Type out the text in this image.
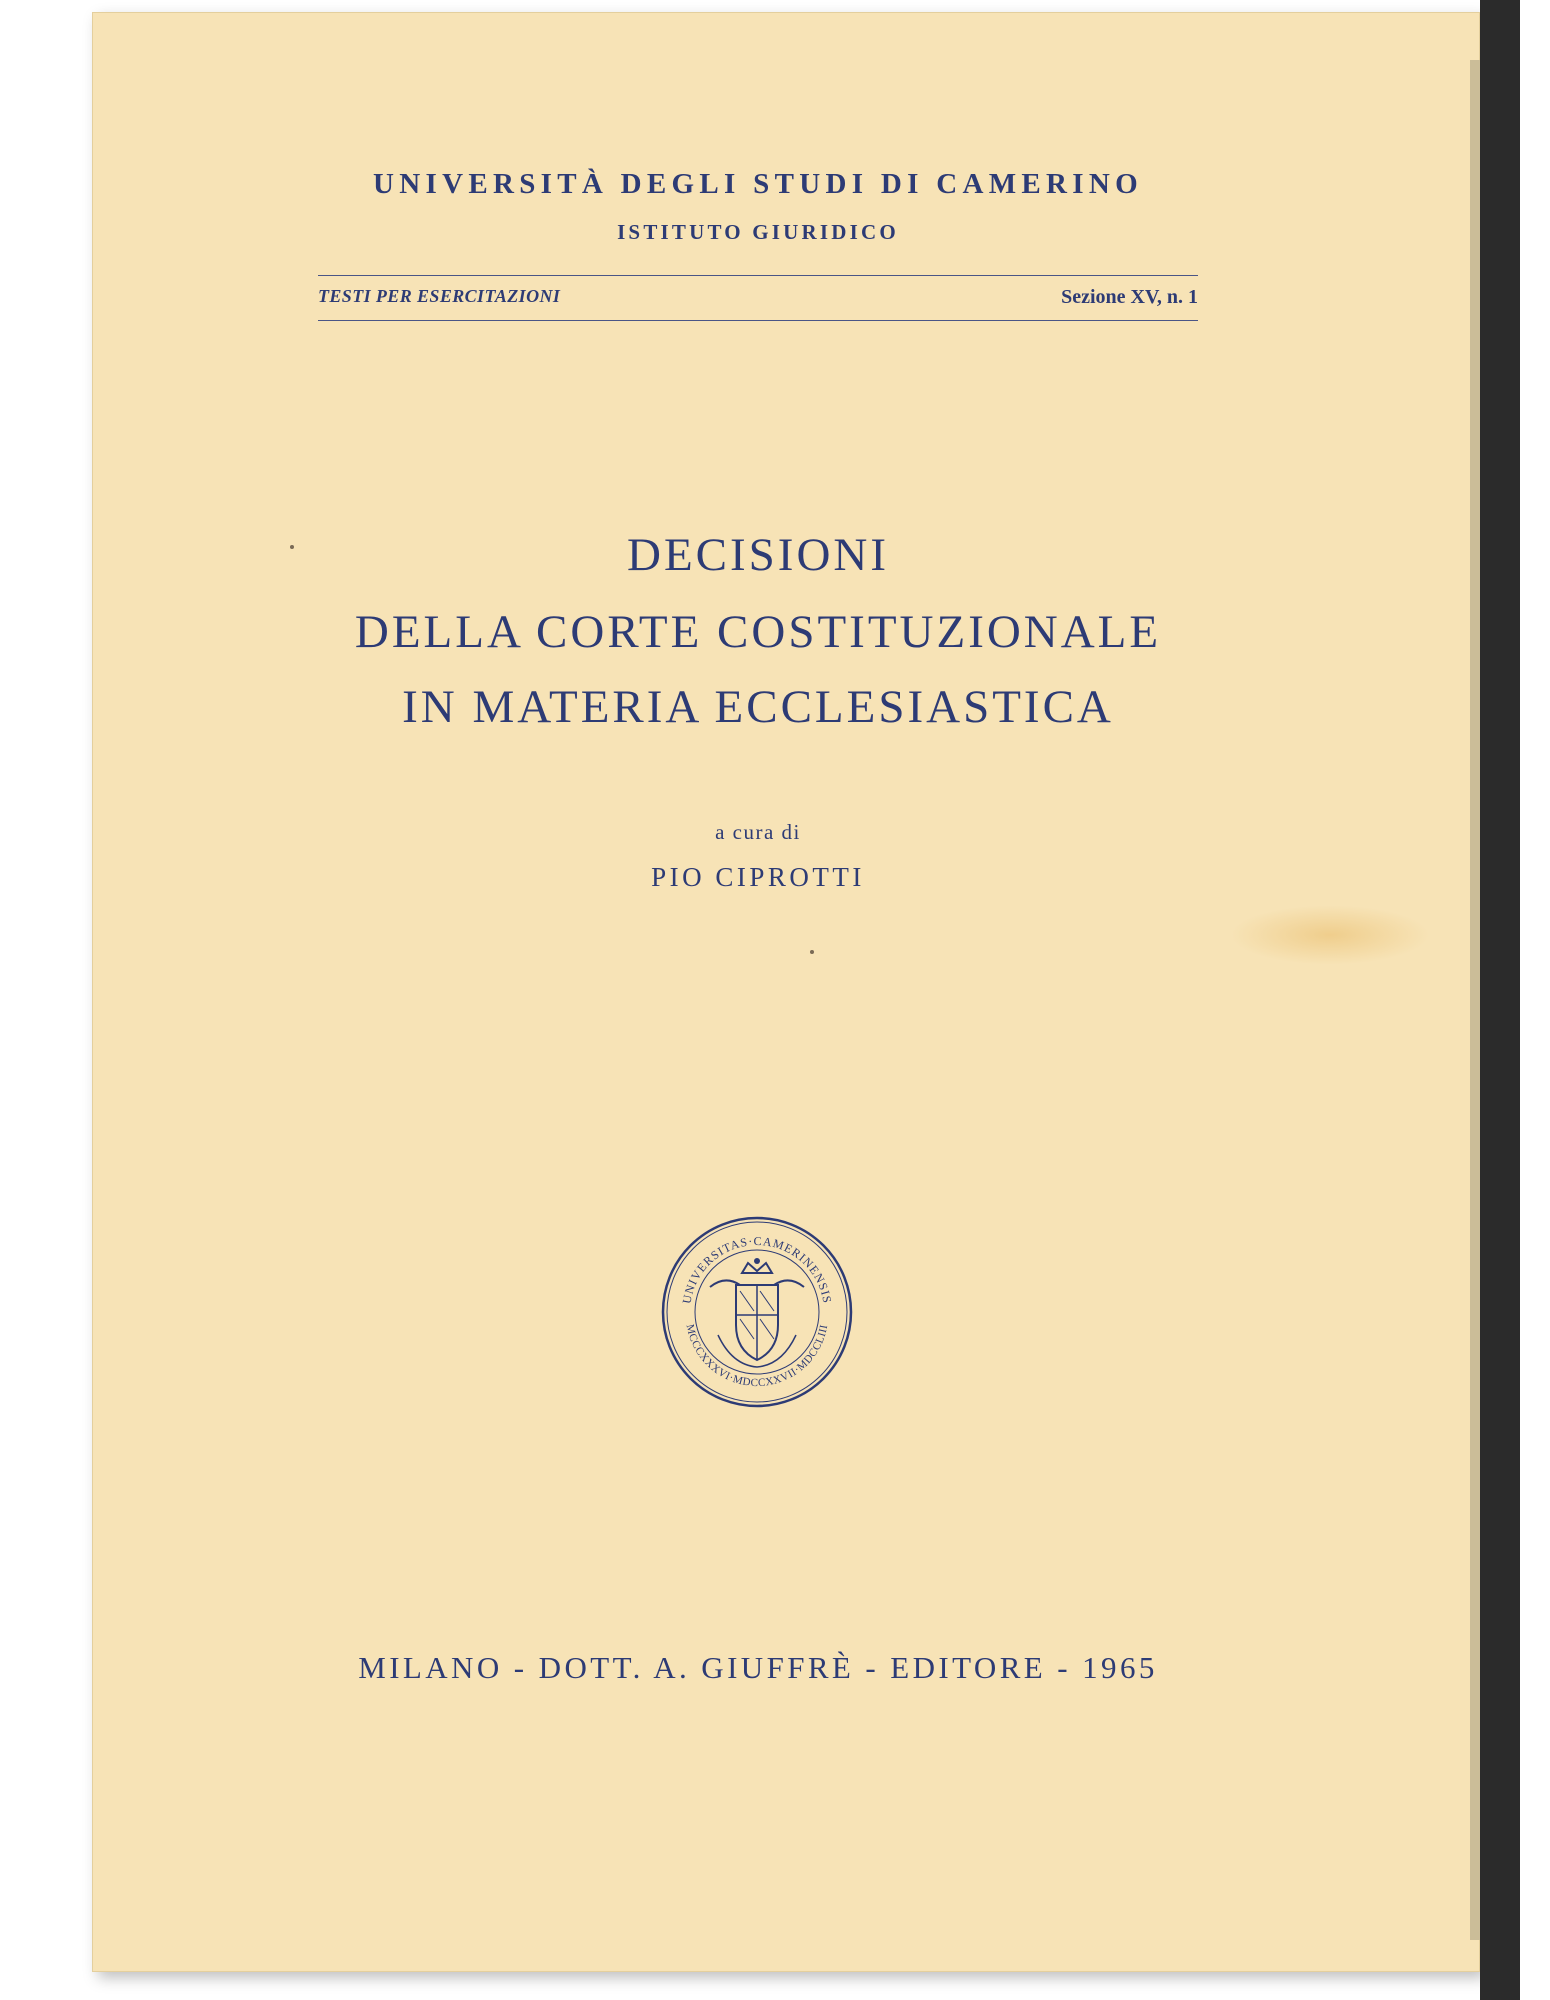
UNIVERSITÀ DEGLI STUDI DI CAMERINO
ISTITUTO GIURIDICO
TESTI PER ESERCITAZIONI	Sezione XV, n. 1
DECISIONI
DELLA CORTE COSTITUZIONALE
IN MATERIA ECCLESIASTICA
a cura di
PIO CIPROTTI
UNIVERSITAS·CAMERINENSIS
MCCCXXXVI·MDCCXXVII·MDCCLIII
MILANO - DOTT. A. GIUFFRÈ - EDITORE - 1965
